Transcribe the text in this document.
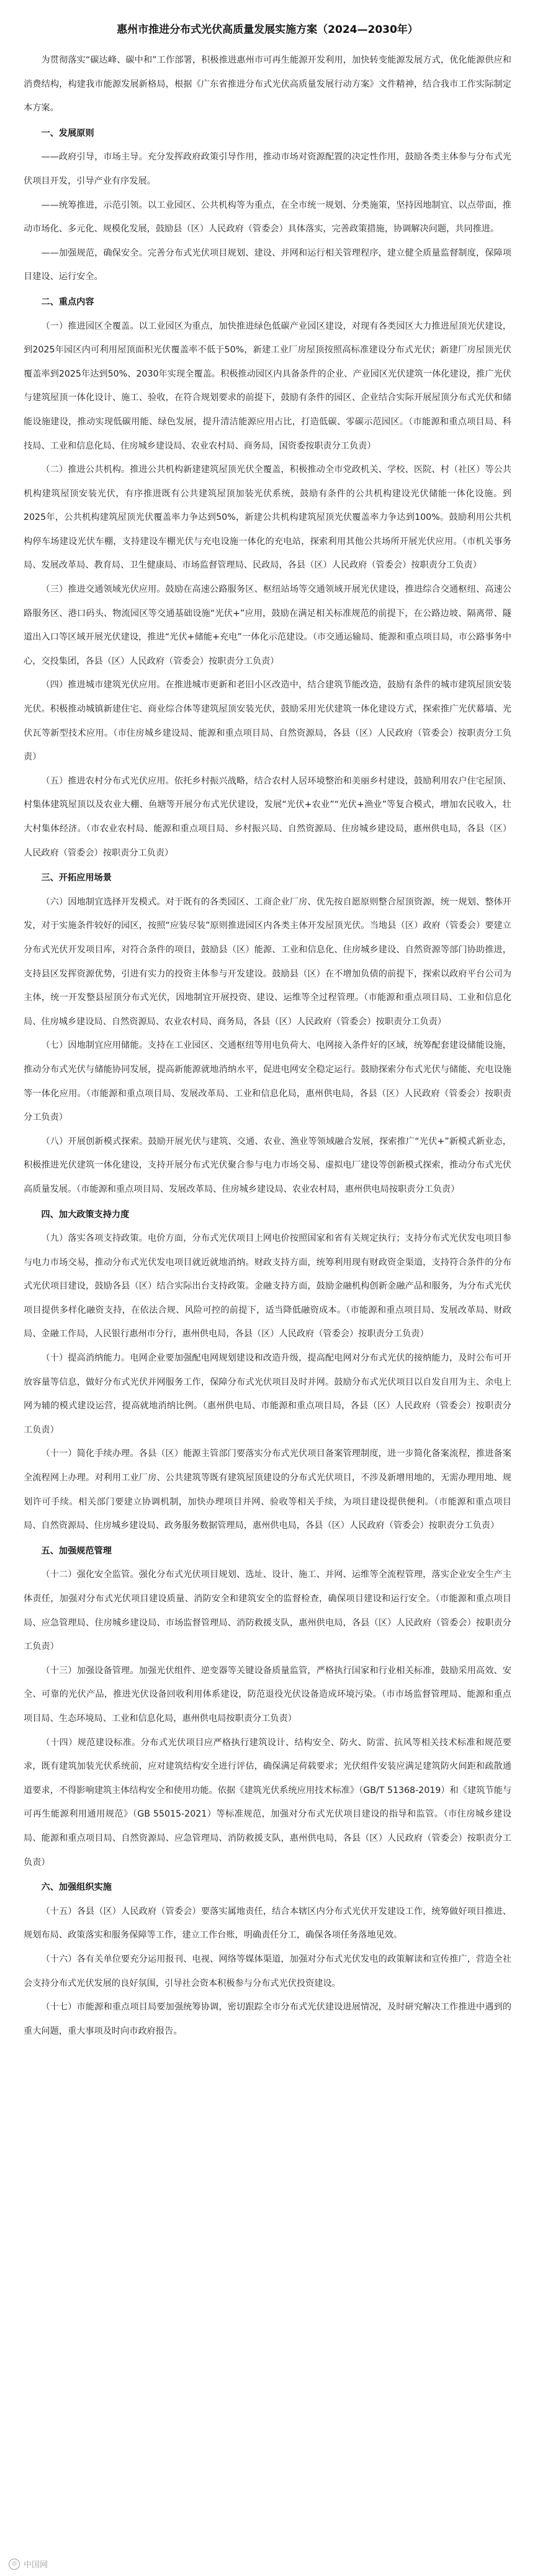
惠州市推进分布式光伏高质量发展实施方案（2024—2030年）

为贯彻落实“碳达峰、碳中和”工作部署，积极推进惠州市可再生能源开发利用，加快转变能源发展方式，优化能源供应和消费结构，构建我市能源发展新格局，根据《广东省推进分布式光伏高质量发展行动方案》文件精神，结合我市工作实际制定本方案。

一、发展原则

——政府引导，市场主导。充分发挥政府政策引导作用，推动市场对资源配置的决定性作用，鼓励各类主体参与分布式光伏项目开发，引导产业有序发展。

——统筹推进，示范引领。以工业园区、公共机构等为重点，在全市统一规划、分类施策，坚持因地制宜、以点带面，推动市场化、多元化、规模化发展，鼓励县（区）人民政府（管委会）具体落实，完善政策措施，协调解决问题，共同推进。

——加强规范，确保安全。完善分布式光伏项目规划、建设、并网和运行相关管理程序，建立健全质量监督制度，保障项目建设、运行安全。

二、重点内容

（一）推进园区全覆盖。以工业园区为重点，加快推进绿色低碳产业园区建设，对现有各类园区大力推进屋顶光伏建设，到2025年园区内可利用屋顶面积光伏覆盖率不低于50%，新建工业厂房屋顶按照高标准建设分布式光伏；新建厂房屋顶光伏覆盖率到2025年达到50%、2030年实现全覆盖。积极推动园区内具备条件的企业、产业园区光伏建筑一体化建设，推广光伏与建筑屋顶一体化设计、施工、验收，在符合规划要求的前提下，鼓励有条件的园区、企业结合实际开展屋顶分布式光伏和储能设施建设，推动实现低碳用能、绿色发展，提升清洁能源应用占比，打造低碳、零碳示范园区。（市能源和重点项目局、科技局、工业和信息化局、住房城乡建设局、农业农村局、商务局，国资委按职责分工负责）

（二）推进公共机构。推进公共机构新建建筑屋顶光伏全覆盖，积极推动全市党政机关、学校、医院、村（社区）等公共机构建筑屋顶安装光伏，有序推进既有公共建筑屋顶加装光伏系统，鼓励有条件的公共机构建设光伏储能一体化设施。到2025年，公共机构建筑屋顶光伏覆盖率力争达到50%，新建公共机构建筑屋顶光伏覆盖率力争达到100%。鼓励利用公共机构停车场建设光伏车棚，支持建设车棚光伏与充电设施一体化的充电站，探索利用其他公共场所开展光伏应用。（市机关事务局、发展改革局、教育局、卫生健康局、市场监督管理局、民政局，各县（区）人民政府（管委会）按职责分工负责）

（三）推进交通领域光伏应用。鼓励在高速公路服务区、枢纽站场等交通领域开展光伏建设，推进综合交通枢纽、高速公路服务区、港口码头、物流园区等交通基础设施“光伏+”应用，鼓励在满足相关标准规范的前提下，在公路边坡、隔离带、隧道出入口等区域开展光伏建设，推进“光伏+储能+充电”一体化示范建设。（市交通运输局、能源和重点项目局，市公路事务中心，交投集团，各县（区）人民政府（管委会）按职责分工负责）

（四）推进城市建筑光伏应用。在推进城市更新和老旧小区改造中，结合建筑节能改造，鼓励有条件的城市建筑屋顶安装光伏。积极推动城镇新建住宅、商业综合体等建筑屋顶安装光伏，鼓励采用光伏建筑一体化建设方式，探索推广光伏幕墙、光伏瓦等新型技术应用。（市住房城乡建设局、能源和重点项目局、自然资源局，各县（区）人民政府（管委会）按职责分工负责）

（五）推进农村分布式光伏应用。依托乡村振兴战略，结合农村人居环境整治和美丽乡村建设，鼓励利用农户住宅屋顶、村集体建筑屋顶以及农业大棚、鱼塘等开展分布式光伏建设，发展“光伏+农业”“光伏+渔业”等复合模式，增加农民收入，壮大村集体经济。（市农业农村局、能源和重点项目局、乡村振兴局、自然资源局、住房城乡建设局，惠州供电局，各县（区）人民政府（管委会）按职责分工负责）

三、开拓应用场景

（六）因地制宜选择开发模式。对于既有的各类园区、工商企业厂房、优先按自愿原则整合屋顶资源，统一规划、整体开发，对于实施条件较好的园区，按照“应装尽装”原则推进园区内各类主体开发屋顶光伏。当地县（区）政府（管委会）要建立分布式光伏开发项目库，对符合条件的项目，鼓励县（区）能源、工业和信息化、住房城乡建设、自然资源等部门协助推进，支持县区发挥资源优势，引进有实力的投资主体参与开发建设。鼓励县（区）在不增加负债的前提下，探索以政府平台公司为主体，统一开发整县屋顶分布式光伏，因地制宜开展投资、建设、运维等全过程管理。（市能源和重点项目局、工业和信息化局、住房城乡建设局、自然资源局、农业农村局、商务局，各县（区）人民政府（管委会）按职责分工负责）

（七）因地制宜应用储能。支持在工业园区、交通枢纽等用电负荷大、电网接入条件好的区域，统筹配套建设储能设施，推动分布式光伏与储能协同发展，提高新能源就地消纳水平，促进电网安全稳定运行。鼓励探索分布式光伏与储能、充电设施等一体化应用。（市能源和重点项目局、发展改革局、工业和信息化局，惠州供电局，各县（区）人民政府（管委会）按职责分工负责）

（八）开展创新模式探索。鼓励开展光伏与建筑、交通、农业、渔业等领域融合发展，探索推广“光伏+”新模式新业态，积极推进光伏建筑一体化建设，支持开展分布式光伏聚合参与电力市场交易、虚拟电厂建设等创新模式探索，推动分布式光伏高质量发展。（市能源和重点项目局、发展改革局、住房城乡建设局、农业农村局，惠州供电局按职责分工负责）

四、加大政策支持力度

（九）落实各项支持政策。电价方面，分布式光伏项目上网电价按照国家和省有关规定执行；支持分布式光伏发电项目参与电力市场交易，推动分布式光伏发电项目就近就地消纳。财政支持方面，统筹利用现有财政资金渠道，支持符合条件的分布式光伏项目建设，鼓励各县（区）结合实际出台支持政策。金融支持方面，鼓励金融机构创新金融产品和服务，为分布式光伏项目提供多样化融资支持，在依法合规、风险可控的前提下，适当降低融资成本。（市能源和重点项目局、发展改革局、财政局、金融工作局，人民银行惠州市分行，惠州供电局，各县（区）人民政府（管委会）按职责分工负责）

（十）提高消纳能力。电网企业要加强配电网规划建设和改造升级，提高配电网对分布式光伏的接纳能力，及时公布可开放容量等信息，做好分布式光伏并网服务工作，保障分布式光伏项目及时并网。鼓励分布式光伏项目以自发自用为主、余电上网为辅的模式建设运营，提高就地消纳比例。（惠州供电局、市能源和重点项目局，各县（区）人民政府（管委会）按职责分工负责）

（十一）简化手续办理。各县（区）能源主管部门要落实分布式光伏项目备案管理制度，进一步简化备案流程，推进备案全流程网上办理。对利用工业厂房、公共建筑等既有建筑屋顶建设的分布式光伏项目，不涉及新增用地的，无需办理用地、规划许可手续。相关部门要建立协调机制，加快办理项目并网、验收等相关手续，为项目建设提供便利。（市能源和重点项目局、自然资源局、住房城乡建设局、政务服务数据管理局，惠州供电局，各县（区）人民政府（管委会）按职责分工负责）

五、加强规范管理

（十二）强化安全监管。强化分布式光伏项目规划、选址、设计、施工、并网、运维等全流程管理，落实企业安全生产主体责任，加强对分布式光伏项目建设质量、消防安全和建筑安全的监督检查，确保项目建设和运行安全。（市能源和重点项目局、应急管理局、住房城乡建设局、市场监督管理局、消防救援支队，惠州供电局，各县（区）人民政府（管委会）按职责分工负责）

（十三）加强设备管理。加强光伏组件、逆变器等关键设备质量监管，严格执行国家和行业相关标准，鼓励采用高效、安全、可靠的光伏产品，推进光伏设备回收利用体系建设，防范退役光伏设备造成环境污染。（市市场监督管理局、能源和重点项目局、生态环境局、工业和信息化局，惠州供电局按职责分工负责）

（十四）规范建设标准。分布式光伏项目应严格执行建筑设计、结构安全、防火、防雷、抗风等相关技术标准和规范要求，既有建筑加装光伏系统前，应对建筑结构安全进行评估，确保满足荷载要求；光伏组件安装应满足建筑防火间距和疏散通道要求，不得影响建筑主体结构安全和使用功能。依据《建筑光伏系统应用技术标准》（GB/T 51368-2019）和《建筑节能与可再生能源利用通用规范》（GB 55015-2021）等标准规范，加强对分布式光伏项目建设的指导和监管。（市住房城乡建设局、能源和重点项目局、自然资源局、应急管理局、消防救援支队，惠州供电局，各县（区）人民政府（管委会）按职责分工负责）

六、加强组织实施

（十五）各县（区）人民政府（管委会）要落实属地责任，结合本辖区内分布式光伏开发建设工作，统筹做好项目推进、规划布局、政策落实和服务保障等工作，建立工作台账，明确责任分工，确保各项任务落地见效。

（十六）各有关单位要充分运用报刊、电视、网络等媒体渠道，加强对分布式光伏发电的政策解读和宣传推广，营造全社会支持分布式光伏发展的良好氛围，引导社会资本积极参与分布式光伏投资建设。

（十七）市能源和重点项目局要加强统筹协调，密切跟踪全市分布式光伏建设进展情况，及时研究解决工作推进中遇到的重大问题，重大事项及时向市政府报告。

◎ 中国网
